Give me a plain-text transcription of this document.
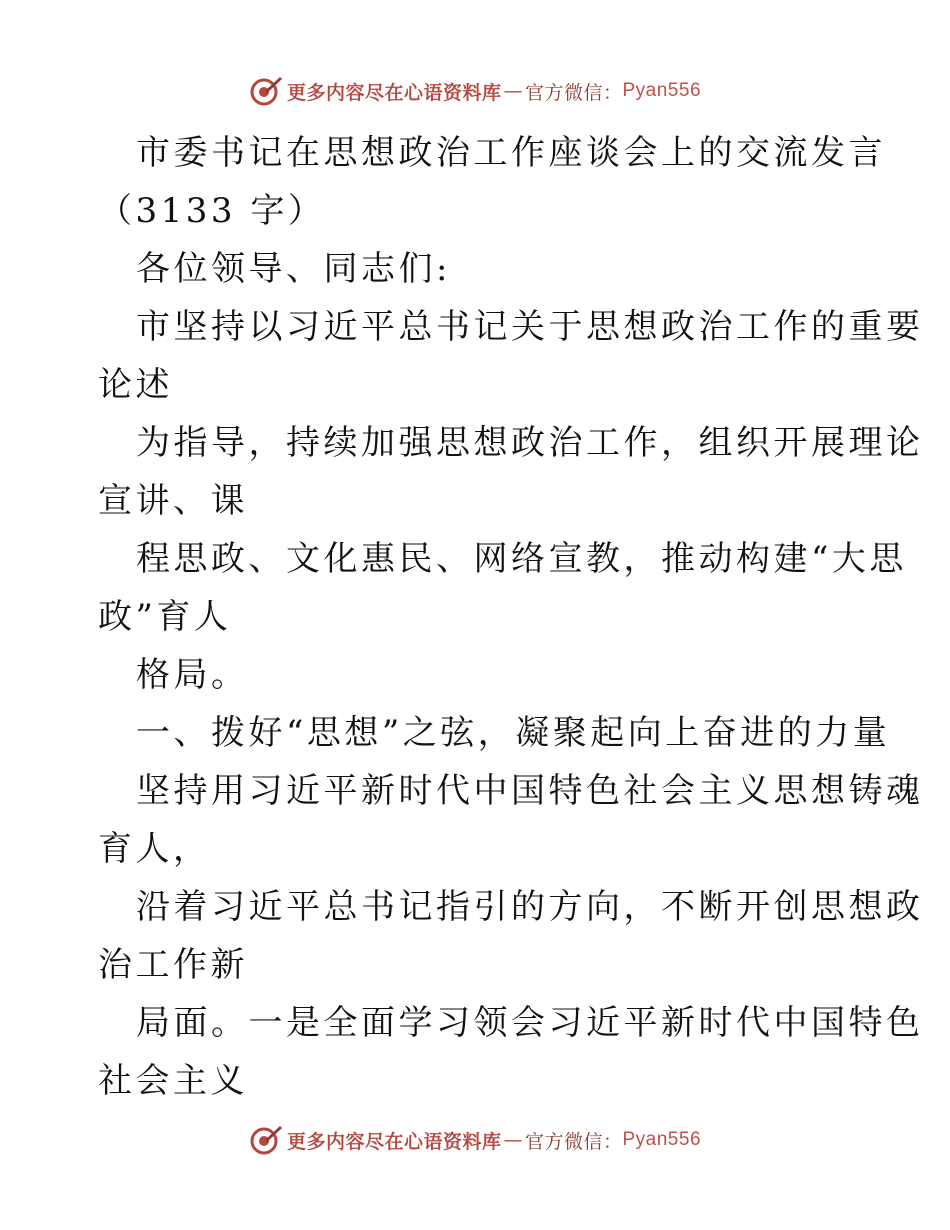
更多内容尽在心语资料库 — 官方微信： Pyan556
市委书记在思想政治工作座谈会上的交流发言
（3133 字）
各位领导、同志们:
市坚持以习近平总书记关于思想政治工作的重要
论述
为指导，持续加强思想政治工作，组织开展理论
宣讲、课
程思政、文化惠民、网络宣教，推动构建“大思
政”育人
格局。
一、拨好“思想”之弦，凝聚起向上奋进的力量
坚持用习近平新时代中国特色社会主义思想铸魂
育人，
沿着习近平总书记指引的方向，不断开创思想政
治工作新
局面。一是全面学习领会习近平新时代中国特色
社会主义
更多内容尽在心语资料库 — 官方微信： Pyan556
